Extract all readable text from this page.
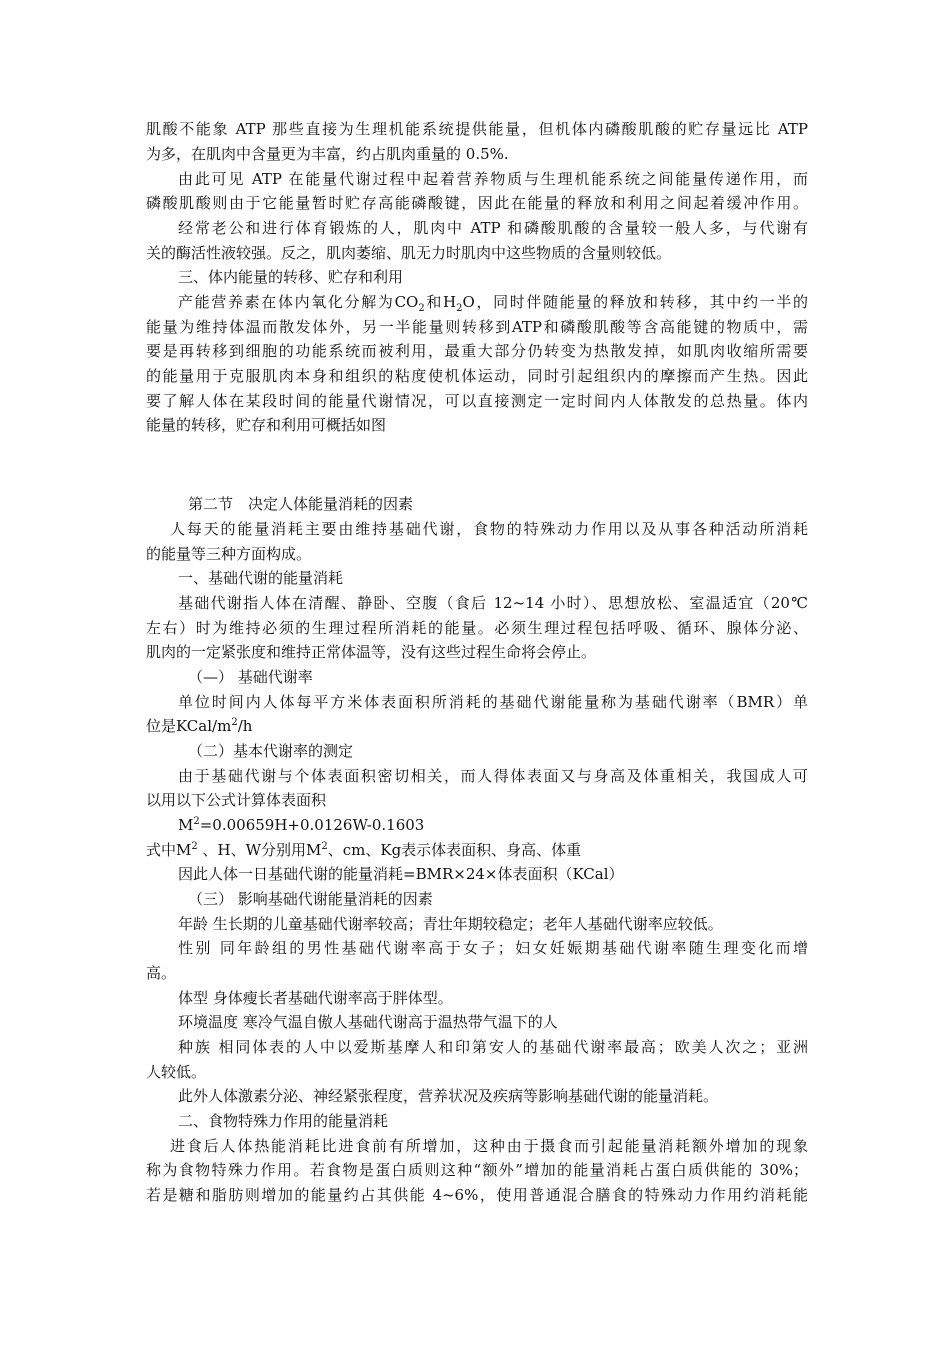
肌酸不能象 ATP 那些直接为生理机能系统提供能量，但机体内磷酸肌酸的贮存量远比 ATP
为多，在肌肉中含量更为丰富，约占肌肉重量的 0.5%.
由此可见 ATP 在能量代谢过程中起着营养物质与生理机能系统之间能量传递作用，而
磷酸肌酸则由于它能量暂时贮存高能磷酸键，因此在能量的释放和利用之间起着缓冲作用。
经常老公和进行体育锻炼的人，肌肉中 ATP 和磷酸肌酸的含量较一般人多，与代谢有
关的酶活性液较强。反之，肌肉萎缩、肌无力时肌肉中这些物质的含量则较低。
三、体内能量的转移、贮存和利用
产能营养素在体内氧化分解为$CO_2$和$H_2O$，同时伴随能量的释放和转移，其中约一半的
能量为维持体温而散发体外，另一半能量则转移到ATP和磷酸肌酸等含高能键的物质中，需
要是再转移到细胞的功能系统而被利用，最重大部分仍转变为热散发掉，如肌肉收缩所需要
的能量用于克服肌肉本身和组织的粘度使机体运动，同时引起组织内的摩擦而产生热。因此
要了解人体在某段时间的能量代谢情况，可以直接测定一定时间内人体散发的总热量。体内
能量的转移，贮存和利用可概括如图
第二节　决定人体能量消耗的因素
人每天的能量消耗主要由维持基础代谢，食物的特殊动力作用以及从事各种活动所消耗
的能量等三种方面构成。
一、基础代谢的能量消耗
基础代谢指人体在清醒、静卧、空腹（食后 12~14 小时）、思想放松、室温适宜（20℃
左右）时为维持必须的生理过程所消耗的能量。必须生理过程包括呼吸、循环、腺体分泌、
肌肉的一定紧张度和维持正常体温等，没有这些过程生命将会停止。
（—） 基础代谢率
单位时间内人体每平方米体表面积所消耗的基础代谢能量称为基础代谢率（BMR）单
位是KCal/$m^2/h$
（二）基本代谢率的测定
由于基础代谢与个体表面积密切相关，而人得体表面又与身高及体重相关，我国成人可
以用以下公式计算体表面积
$M^2=0.00659H+0.0126W-0.1603$
式中$M^2$ 、H、W分别用$M^2$、cm、Kg表示体表面积、身高、体重
因此人体一日基础代谢的能量消耗=BMR×24×体表面积（KCal）
（三） 影响基础代谢能量消耗的因素
年龄 生长期的儿童基础代谢率较高；青壮年期较稳定；老年人基础代谢率应较低。
性别 同年龄组的男性基础代谢率高于女子；妇女妊娠期基础代谢率随生理变化而增
高。
体型 身体瘦长者基础代谢率高于胖体型。
环境温度 寒冷气温自傲人基础代谢高于温热带气温下的人
种族 相同体表的人中以爱斯基摩人和印第安人的基础代谢率最高；欧美人次之；亚洲
人较低。
此外人体激素分泌、神经紧张程度，营养状况及疾病等影响基础代谢的能量消耗。
二、食物特殊力作用的能量消耗
进食后人体热能消耗比进食前有所增加，这种由于摄食而引起能量消耗额外增加的现象
称为食物特殊力作用。若食物是蛋白质则这种“额外”增加的能量消耗占蛋白质供能的 30%；
若是糖和脂肪则增加的能量约占其供能 4~6%，使用普通混合膳食的特殊动力作用约消耗能
